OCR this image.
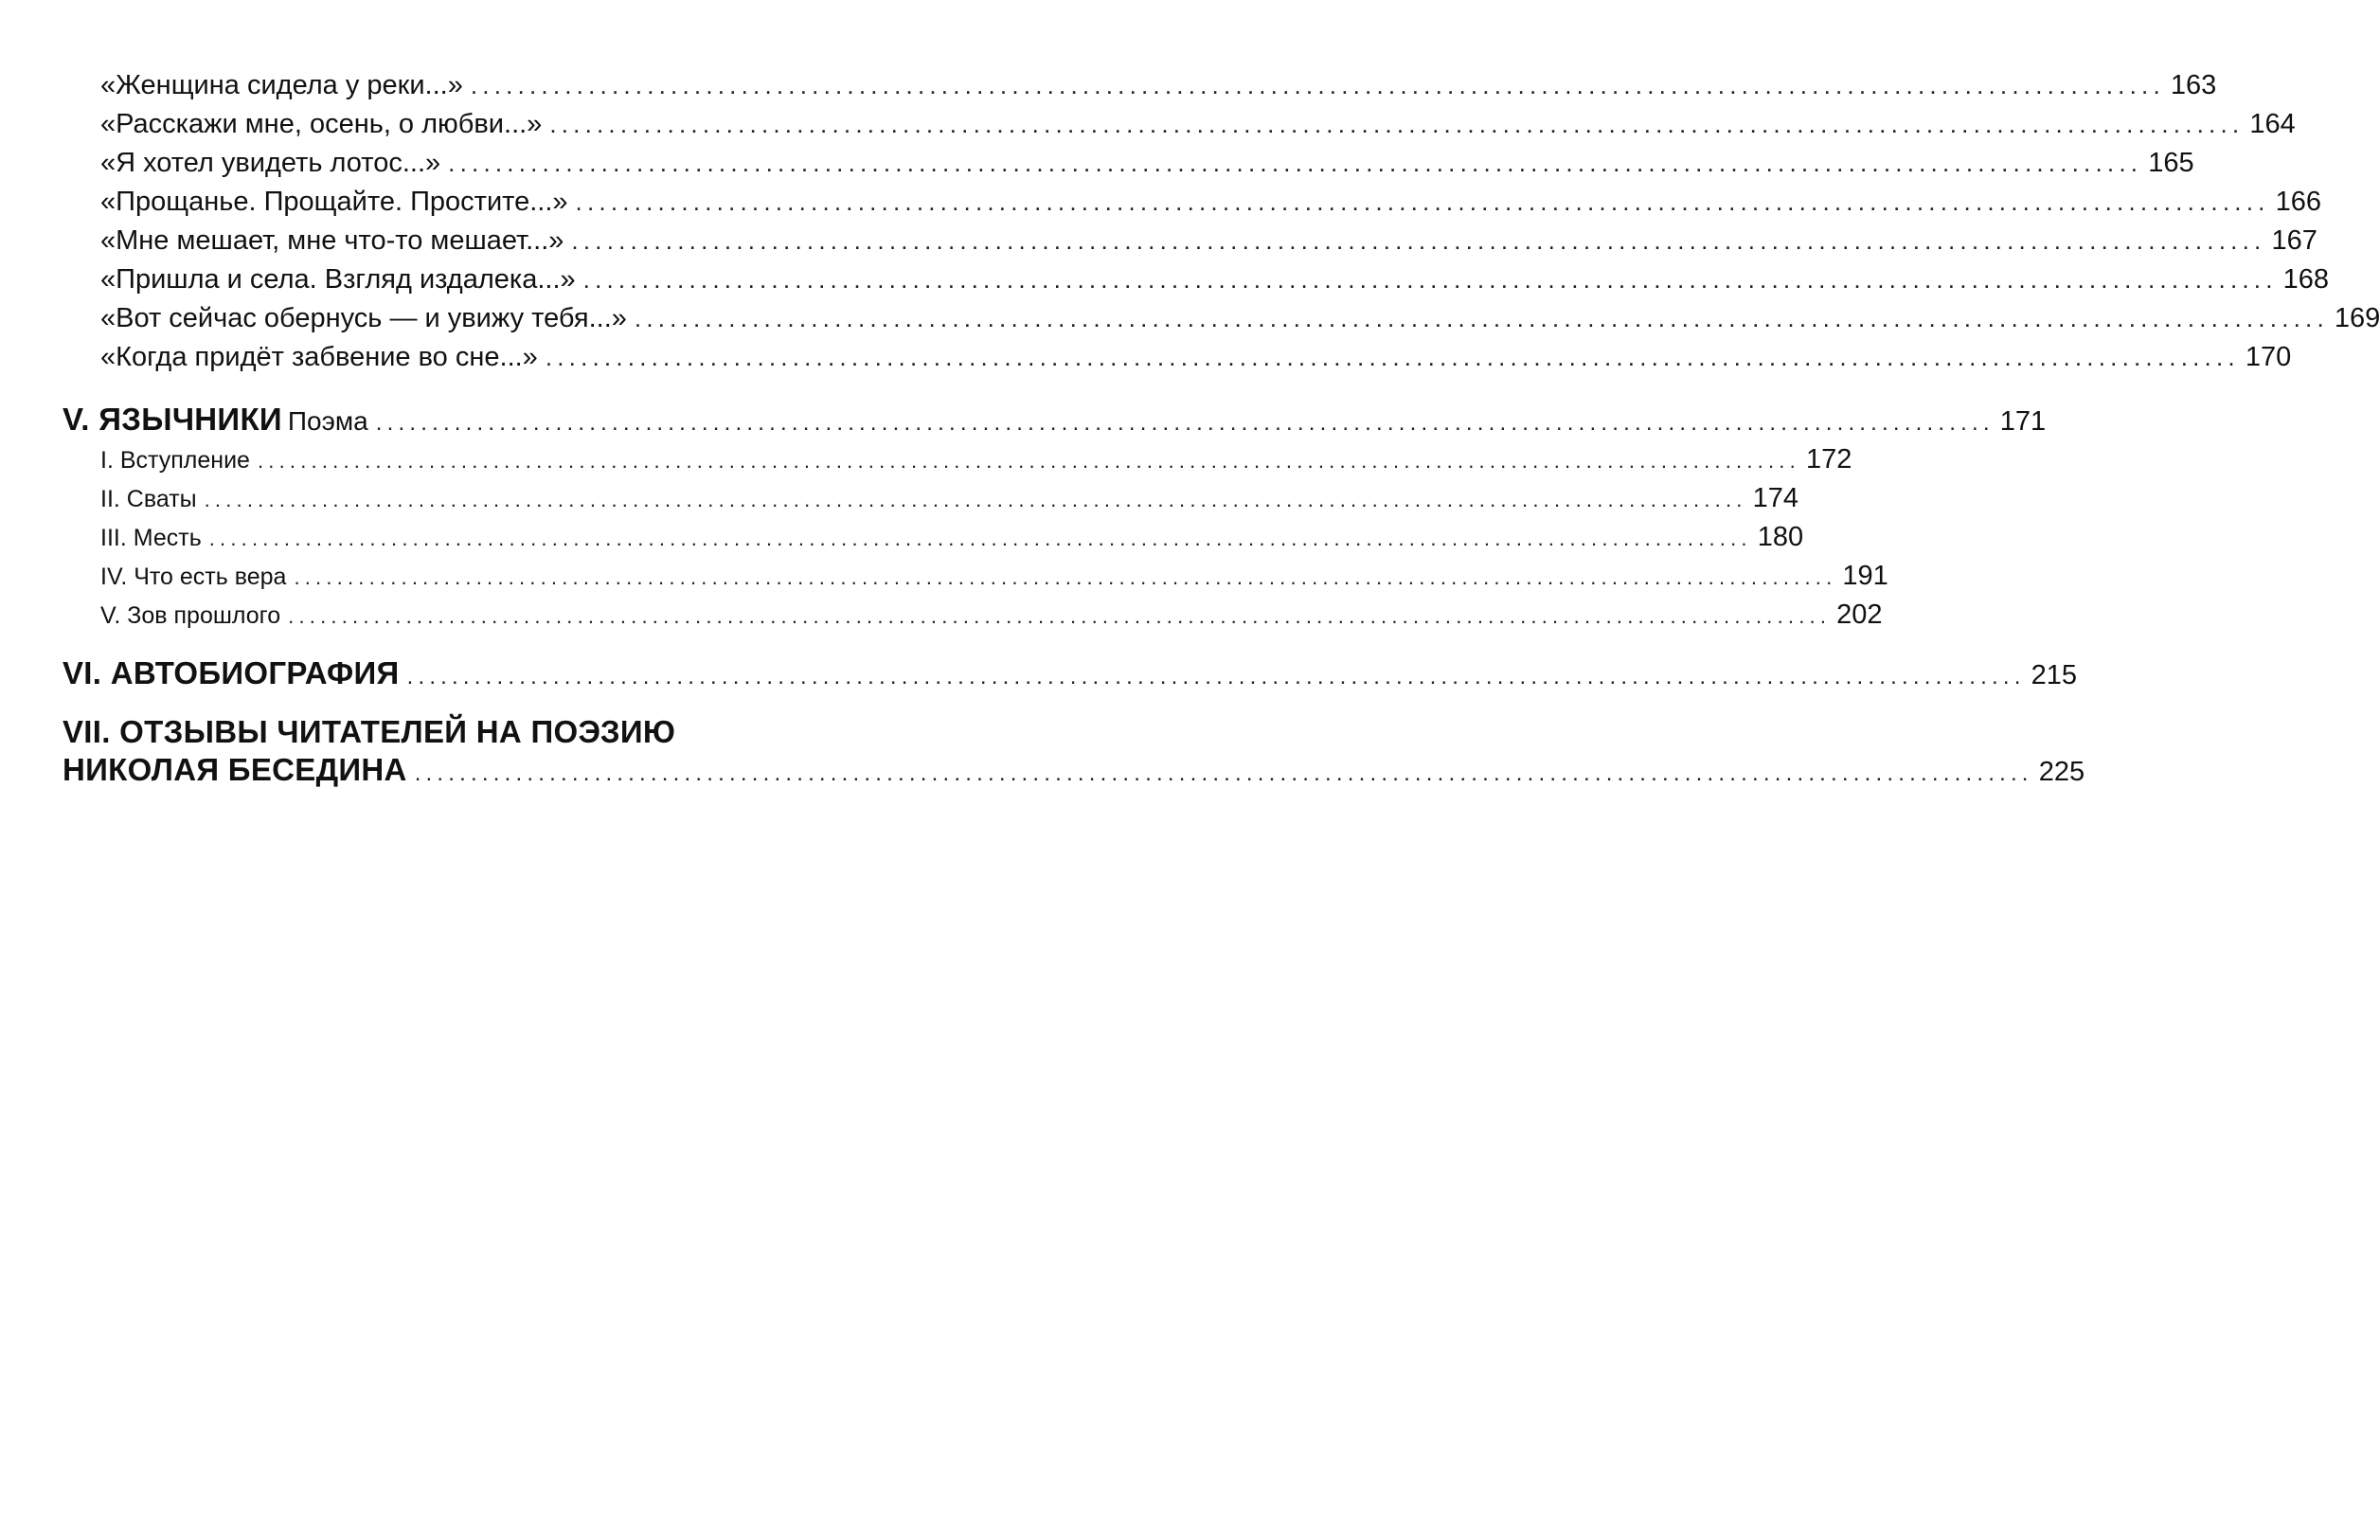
«Женщина сидела у реки...» ................................................................................................................................................ 163
«Расскажи мне, осень, о любви...» ................................................................................................................................................ 164
«Я хотел увидеть лотос...» ................................................................................................................................................ 165
«Прощанье. Прощайте. Простите...» ................................................................................................................................................ 166
«Мне мешает, мне что-то мешает...» ................................................................................................................................................ 167
«Пришла и села. Взгляд издалека...» ................................................................................................................................................ 168
«Вот сейчас обернусь — и увижу тебя...» ................................................................................................................................................ 169
«Когда придёт забвение во сне...» ................................................................................................................................................ 170
V. ЯЗЫЧНИКИ Поэма ................................................................................................................................................ 171
I. Вступление ................................................................................................................................................ 172
II. Сваты ................................................................................................................................................ 174
III. Месть ................................................................................................................................................ 180
IV. Что есть вера ................................................................................................................................................ 191
V. Зов прошлого ................................................................................................................................................ 202
VI. АВТОБИОГРАФИЯ ................................................................................................................................................ 215
VII. ОТЗЫВЫ ЧИТАТЕЛЕЙ НА ПОЭЗИЮ
НИКОЛАЯ БЕСЕДИНА ................................................................................................................................................ 225
